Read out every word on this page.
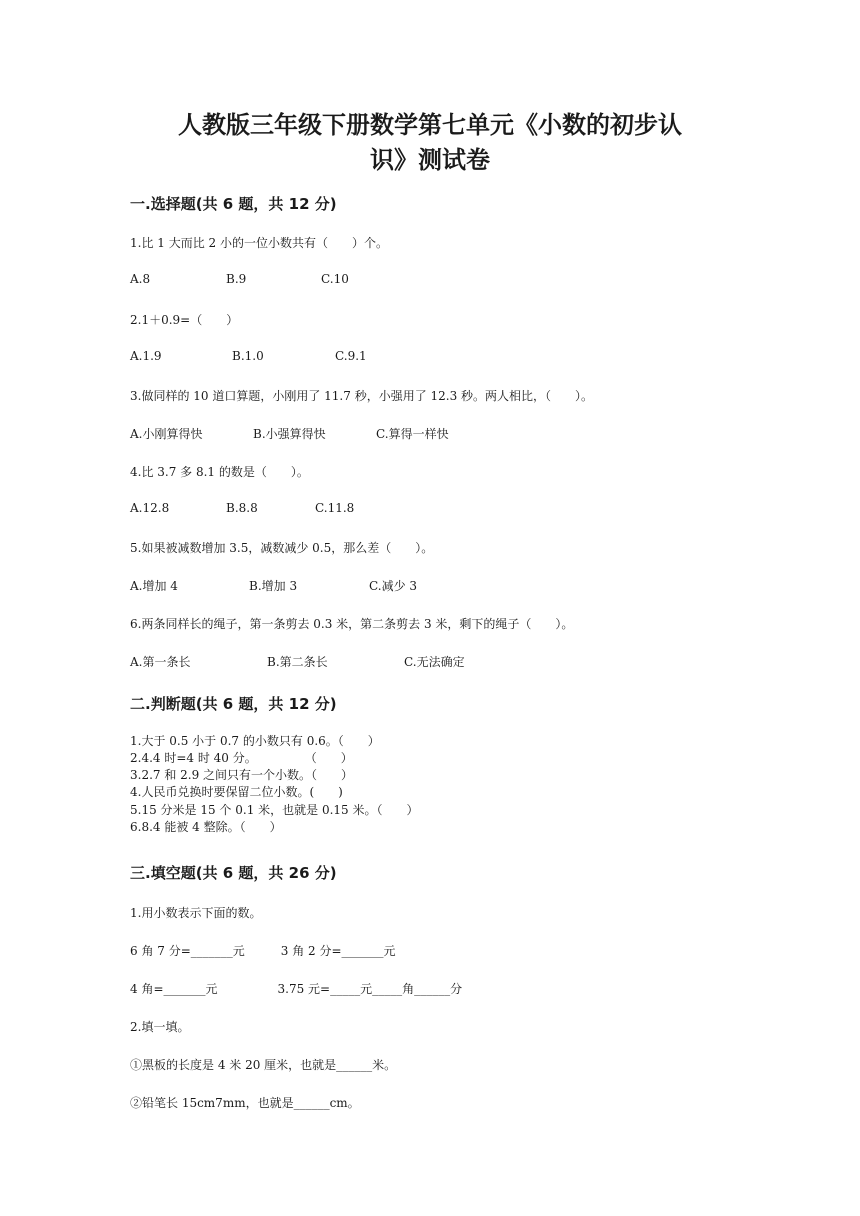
人教版三年级下册数学第七单元《小数的初步认
识》测试卷
一.选择题(共 6 题，共 12 分)
1.比 1 大而比 2 小的一位小数共有（　　）个。
A.8	B.9	C.10
2.1＋0.9=（　　）
A.1.9	B.1.0	C.9.1
3.做同样的 10 道口算题，小刚用了 11.7 秒，小强用了 12.3 秒。两人相比，（　　）。
A.小刚算得快	B.小强算得快	C.算得一样快
4.比 3.7 多 8.1 的数是（　　）。
A.12.8	B.8.8	C.11.8
5.如果被减数增加 3.5，减数减少 0.5，那么差（　　）。
A.增加 4	B.增加 3	C.减少 3
6.两条同样长的绳子，第一条剪去 0.3 米，第二条剪去 3 米，剩下的绳子（　　）。
A.第一条长	B.第二条长	C.无法确定
二.判断题(共 6 题，共 12 分)
1.大于 0.5 小于 0.7 的小数只有 0.6。（　　）
2.4.4 时=4 时 40 分。　　　　　（　　）
3.2.7 和 2.9 之间只有一个小数。（　　）
4.人民币兑换时要保留二位小数。(　　)
5.15 分米是 15 个 0.1 米，也就是 0.15 米。（　　）
6.8.4 能被 4 整除。（　　）
三.填空题(共 6 题，共 26 分)
1.用小数表示下面的数。
6 角 7 分=_______元　　　3 角 2 分=_______元
4 角=_______元　　　　　3.75 元=_____元_____角______分
2.填一填。
①黑板的长度是 4 米 20 厘米，也就是______米。
②铅笔长 15cm7mm，也就是______cm。
